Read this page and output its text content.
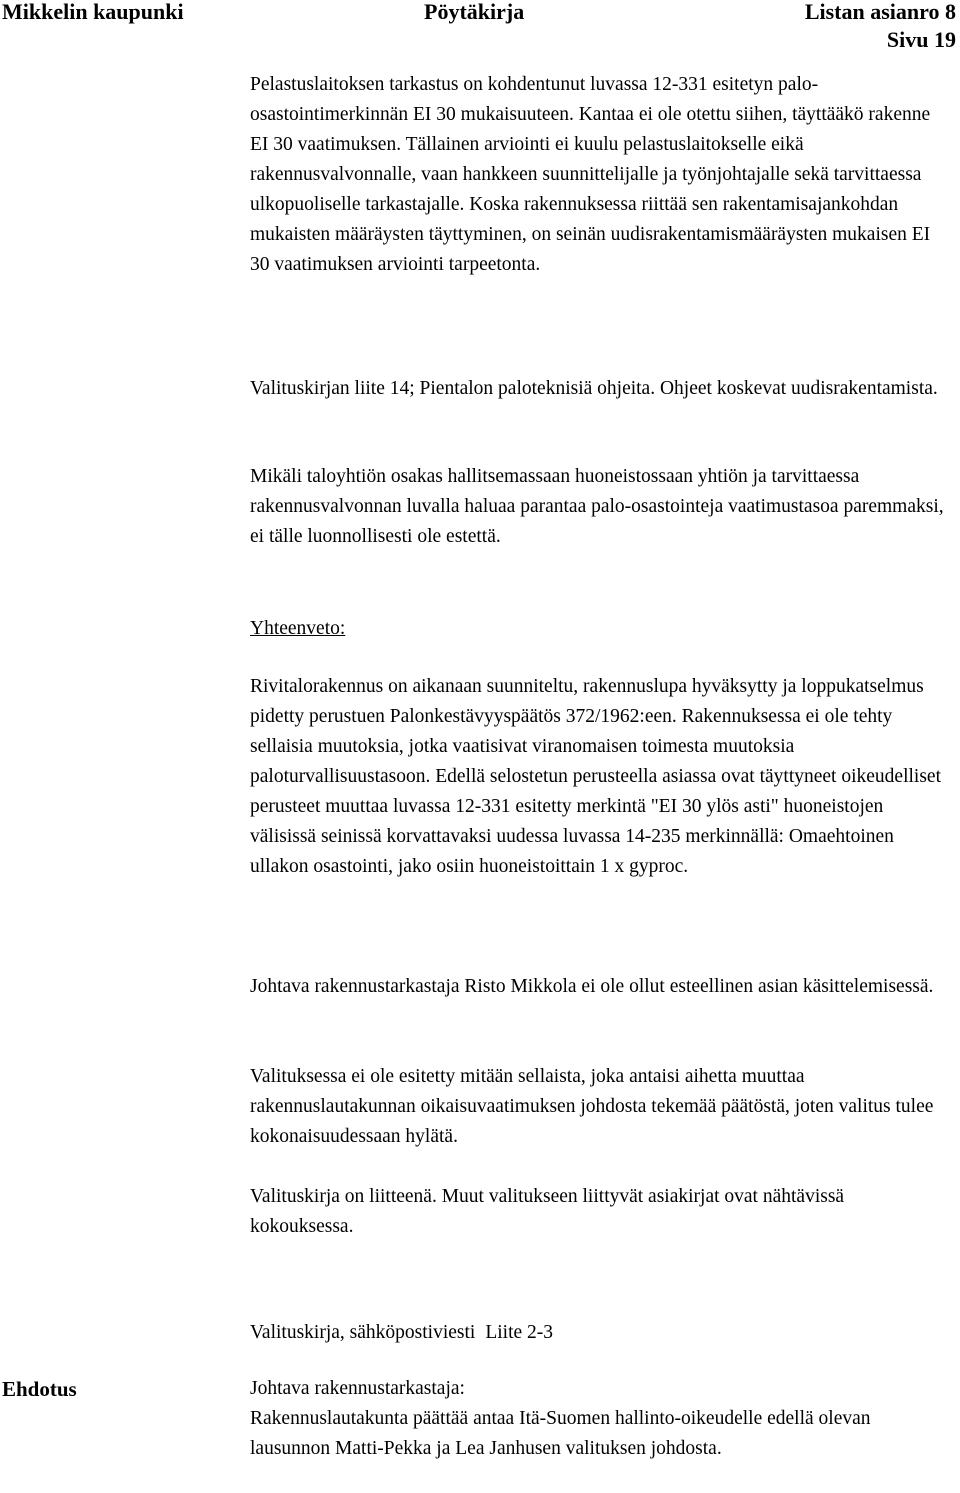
Mikkelin kaupunki	Pöytäkirja	Listan asianro 8
Sivu 19

Pelastuslaitoksen tarkastus on kohdentunut luvassa 12-331 esitetyn palo-osastointimerkinnän EI 30 mukaisuuteen. Kantaa ei ole otettu siihen, täyttääkö rakenne EI 30 vaatimuksen. Tällainen arviointi ei kuulu pelastuslaitokselle eikä rakennusvalvonnalle, vaan hankkeen suunnittelijalle ja työnjohtajalle sekä tarvittaessa ulkopuoliselle tarkastajalle. Koska rakennuksessa riittää sen rakentamisajankohdan mukaisten määräysten täyttyminen, on seinän uudisrakentamismääräysten mukaisen EI 30 vaatimuksen arviointi tarpeetonta.

Valituskirjan liite 14; Pientalon paloteknisiä ohjeita. Ohjeet koskevat uudisrakentamista.

Mikäli taloyhtiön osakas hallitsemassaan huoneistossaan yhtiön ja tarvittaessa rakennusvalvonnan luvalla haluaa parantaa palo-osastointeja vaatimustasoa paremmaksi, ei tälle luonnollisesti ole estettä.

Yhteenveto:

Rivitalorakennus on aikanaan suunniteltu, rakennuslupa hyväksytty ja loppukatselmus pidetty perustuen Palonkestävyyspäätös 372/1962:een. Rakennuksessa ei ole tehty sellaisia muutoksia, jotka vaatisivat viranomaisen toimesta muutoksia paloturvallisuustasoon. Edellä selostetun perusteella asiassa ovat täyttyneet oikeudelliset perusteet muuttaa luvassa 12-331 esitetty merkintä "EI 30 ylös asti" huoneistojen välisissä seinissä korvattavaksi uudessa luvassa 14-235 merkinnällä: Omaehtoinen ullakon osastointi, jako osiin huoneistoittain 1 x gyproc.

Johtava rakennustarkastaja Risto Mikkola ei ole ollut esteellinen asian käsittelemisessä.

Valituksessa ei ole esitetty mitään sellaista, joka antaisi aihetta muuttaa rakennuslautakunnan oikaisuvaatimuksen johdosta tekemää päätöstä, joten valitus tulee kokonaisuudessaan hylätä.

Valituskirja on liitteenä. Muut valitukseen liittyvät asiakirjat ovat nähtävissä kokouksessa.

Valituskirja, sähköpostiviesti Liite 2-3

Ehdotus	Johtava rakennustarkastaja:

Rakennuslautakunta päättää antaa Itä-Suomen hallinto-oikeudelle edellä olevan lausunnon Matti-Pekka ja Lea Janhusen valituksen johdosta.
